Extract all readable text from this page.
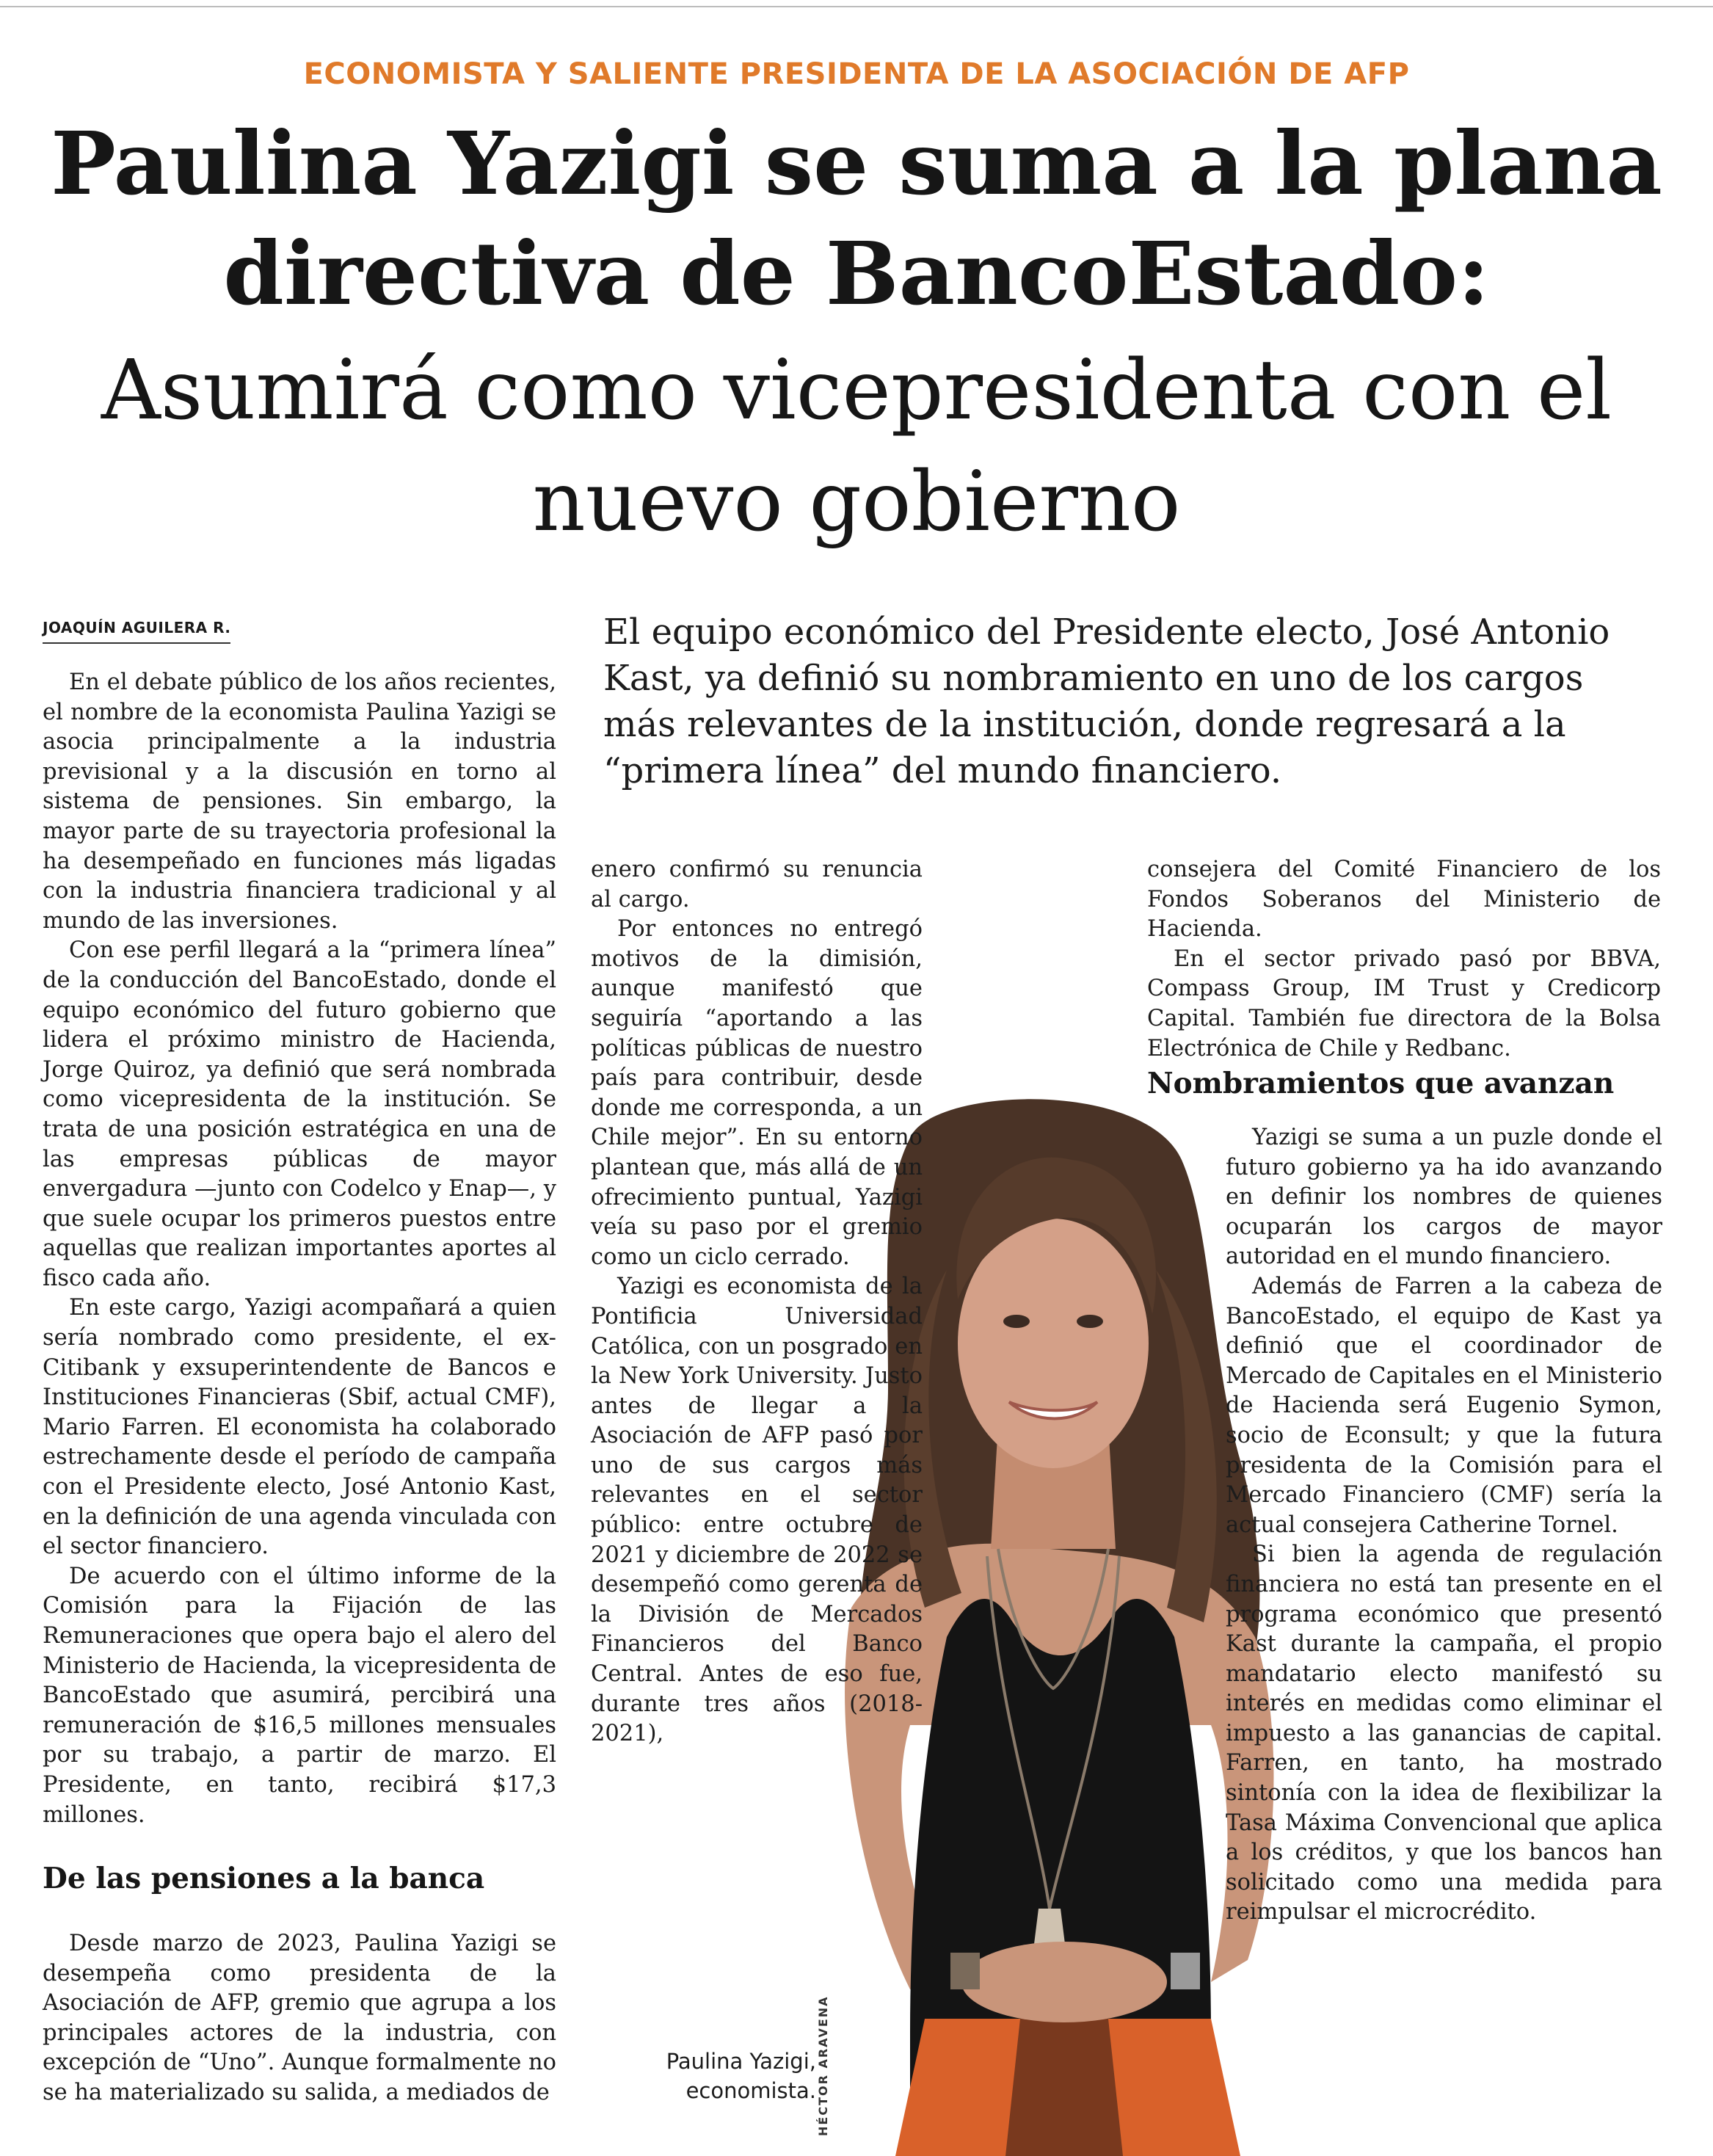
ECONOMISTA Y SALIENTE PRESIDENTA DE LA ASOCIACIÓN DE AFP
Paulina Yazigi se suma a la plana directiva de BancoEstado:
Asumirá como vicepresidenta con el nuevo gobierno
JOAQUÍN AGUILERA R.	El equipo económico del Presidente electo, José Antonio Kast, ya definió su nombramiento en uno de los cargos más relevantes de la institución, donde regresará a la “primera línea” del mundo financiero.

En el debate público de los años recientes, el nombre de la economista Paulina Yazigi se asocia principalmente a la industria previsional y a la discusión en torno al sistema de pensiones. Sin embargo, la mayor parte de su trayectoria profesional la ha desempeñado en funciones más ligadas con la industria financiera tradicional y al mundo de las inversiones.

Con ese perfil llegará a la “primera línea” de la conducción del BancoEstado, donde el equipo económico del futuro gobierno que lidera el próximo ministro de Hacienda, Jorge Quiroz, ya definió que será nombrada como vicepresidenta de la institución. Se trata de una posición estratégica en una de las empresas públicas de mayor envergadura —junto con Codelco y Enap—, y que suele ocupar los primeros puestos entre aquellas que realizan importantes aportes al fisco cada año.

En este cargo, Yazigi acompañará a quien sería nombrado como presidente, el ex-Citibank y exsuperintendente de Bancos e Instituciones Financieras (Sbif, actual CMF), Mario Farren. El economista ha colaborado estrechamente desde el período de campaña con el Presidente electo, José Antonio Kast, en la definición de una agenda vinculada con el sector financiero.

De acuerdo con el último informe de la Comisión para la Fijación de las Remuneraciones que opera bajo el alero del Ministerio de Hacienda, la vicepresidenta de BancoEstado que asumirá, percibirá una remuneración de $16,5 millones mensuales por su trabajo, a partir de marzo. El Presidente, en tanto, recibirá $17,3 millones.

De las pensiones a la banca

Desde marzo de 2023, Paulina Yazigi se desempeña como presidenta de la Asociación de AFP, gremio que agrupa a los principales actores de la industria, con excepción de “Uno”. Aunque formalmente no se ha materializado su salida, a mediados de	HÉCTOR ARAVENA
Paulina Yazigi,
economista.

enero confirmó su renuncia al cargo.

Por entonces no entregó motivos de la dimisión, aunque manifestó que seguiría “aportando a las políticas públicas de nuestro país para contribuir, desde donde me corresponda, a un Chile mejor”. En su entorno plantean que, más allá de un ofrecimiento puntual, Yazigi veía su paso por el gremio como un ciclo cerrado.

Yazigi es economista de la Pontificia Universidad Católica, con un posgrado en la New York University. Justo antes de llegar a la Asociación de AFP pasó por uno de sus cargos más relevantes en el sector público: entre octubre de 2021 y diciembre de 2022 se desempeñó como gerenta de la División de Mercados Financieros del Banco Central. Antes de eso fue, durante tres años (2018-2021),

consejera del Comité Financiero de los Fondos Soberanos del Ministerio de Hacienda.

En el sector privado pasó por BBVA, Compass Group, IM Trust y Credicorp Capital. También fue directora de la Bolsa Electrónica de Chile y Redbanc.

Nombramientos que avanzan

Yazigi se suma a un puzle donde el futuro gobierno ya ha ido avanzando en definir los nombres de quienes ocuparán los cargos de mayor autoridad en el mundo financiero.

Además de Farren a la cabeza de BancoEstado, el equipo de Kast ya definió que el coordinador de Mercado de Capitales en el Ministerio de Hacienda será Eugenio Symon, socio de Econsult; y que la futura presidenta de la Comisión para el Mercado Financiero (CMF) sería la actual consejera Catherine Tornel.

Si bien la agenda de regulación financiera no está tan presente en el programa económico que presentó Kast durante la campaña, el propio mandatario electo manifestó su interés en medidas como eliminar el impuesto a las ganancias de capital. Farren, en tanto, ha mostrado sintonía con la idea de flexibilizar la Tasa Máxima Convencional que aplica a los créditos, y que los bancos han solicitado como una medida para reimpulsar el microcrédito.
